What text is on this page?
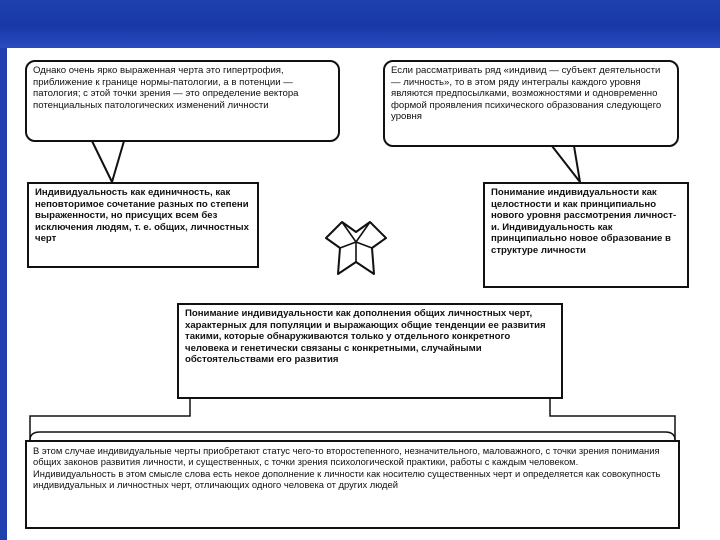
Однако очень ярко выраженная черта это гипертрофия, приближение к границе нормы-патологии, а в потенции — патология; с этой точки зрения — это определение вектора потенциальных патологических изменений личности

Если рассматривать ряд «индивид — субъект деятельности — личность», то в этом ряду интегралы каждого уровня являются предпосылками, возможностями и одновременно формой проявления психического образования следующего уровня

Индивидуальность как единичность, как неповторимое сочетание разных по степени выраженности, но присущих всем без исключения людям, т. е. общих, личностных черт

Понимание индивидуальности как целостности и как принципиально нового уровня рассмотрения личности. Индивидуальность как принципиально новое образование в структуре личности

Понимание индивидуальности как дополнения общих личностных черт, характерных для популяции и выражающих общие тенденции ее развития такими, которые обнаруживаются только у отдельного конкретного человека и генетически связаны с конкретными, случайными обстоятельствами его развития

В этом случае индивидуальные черты приобретают статус чего-то второстепенного, незначительного, маловажного, с точки зрения понимания общих законов развития личности, и существенных, с точки зрения психологической практики, работы с каждым человеком.

Индивидуальность в этом смысле слова есть некое дополнение к личности как носителю существенных черт и определяется как совокупность индивидуальных и личностных черт, отличающих одного человека от других людей
